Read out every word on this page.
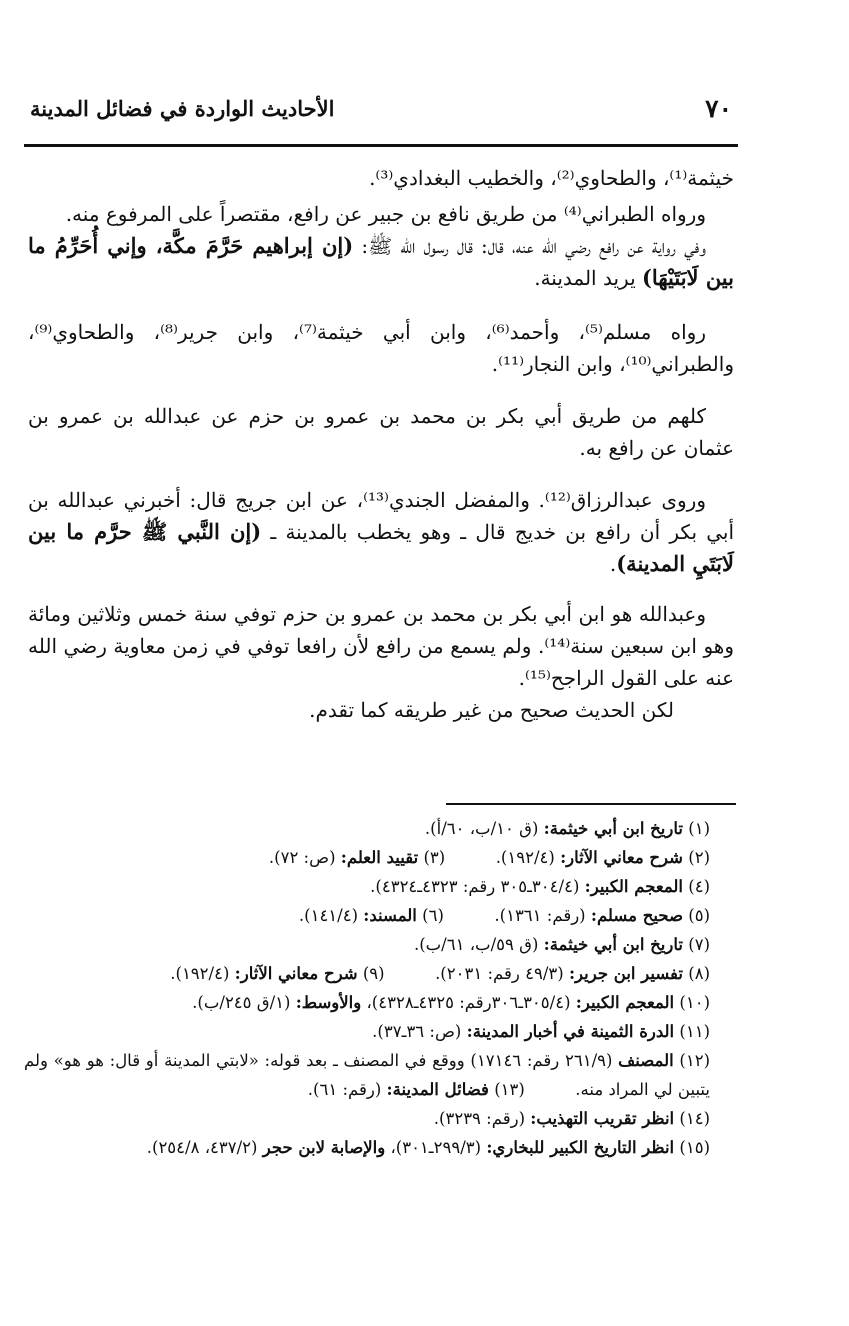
٧٠
الأحاديث الواردة في فضائل المدينة

خيثمة⁽¹⁾، والطحاوي⁽²⁾، والخطيب البغدادي⁽³⁾.

ورواه الطبراني⁽⁴⁾ من طريق نافع بن جبير عن رافع، مقتصراً على المرفوع منه.

وفي رواية عن رافع رضي الله عنه، قال: قال رسول الله ﷺ: (إن إبراهيم حَرَّمَ مكَّة، وإني أُحَرِّمُ ما بين لَابَتَيْهَا) يريد المدينة.

رواه مسلم⁽⁵⁾، وأحمد⁽⁶⁾، وابن أبي خيثمة⁽⁷⁾، وابن جرير⁽⁸⁾، والطحاوي⁽⁹⁾، والطبراني⁽¹⁰⁾، وابن النجار⁽¹¹⁾.

كلهم من طريق أبي بكر بن محمد بن عمرو بن حزم عن عبدالله بن عمرو بن عثمان عن رافع به.

وروى عبدالرزاق⁽¹²⁾. والمفضل الجندي⁽¹³⁾، عن ابن جريج قال: أخبرني عبدالله بن أبي بكر أن رافع بن خديج قال ـ وهو يخطب بالمدينة ـ (إن النَّبي ﷺ حرَّم ما بين لَابَتَيِ المدينة).

وعبدالله هو ابن أبي بكر بن محمد بن عمرو بن حزم توفي سنة خمس وثلاثين ومائة وهو ابن سبعين سنة⁽¹⁴⁾. ولم يسمع من رافع لأن رافعا توفي في زمن معاوية رضي الله عنه على القول الراجح⁽¹⁵⁾.

لكن الحديث صحيح من غير طريقه كما تقدم.

(١) تاريخ ابن أبي خيثمة: (ق ١٠/ب، ٦٠/أ).

(٢) شرح معاني الآثار: (١٩٢/٤).  (٣) تقييد العلم: (ص: ٧٢).

(٤) المعجم الكبير: (٣٠٤/٤ـ٣٠٥ رقم: ٤٣٢٣ـ٤٣٢٤).

(٥) صحيح مسلم: (رقم: ١٣٦١).  (٦) المسند: (١٤١/٤).

(٧) تاريخ ابن أبي خيثمة: (ق ٥٩/ب، ٦١/ب).

(٨) تفسير ابن جرير: (٤٩/٣ رقم: ٢٠٣١).  (٩) شرح معاني الآثار: (١٩٢/٤).

(١٠) المعجم الكبير: (٣٠٥/٤ـ٣٠٦رقم: ٤٣٢٥ـ٤٣٢٨)، والأوسط: (١/ق ٢٤٥/ب).

(١١) الدرة الثمينة في أخبار المدينة: (ص: ٣٦ـ٣٧).

(١٢) المصنف (٢٦١/٩ رقم: ١٧١٤٦) ووقع في المصنف ـ بعد قوله: «لابتي المدينة أو قال: هو هو» ولم يتبين لي المراد منه.  (١٣) فضائل المدينة: (رقم: ٦١).

(١٤) انظر تقريب التهذيب: (رقم: ٣٢٣٩).

(١٥) انظر التاريخ الكبير للبخاري: (٢٩٩/٣ـ٣٠١)، والإصابة لابن حجر (٤٣٧/٢، ٢٥٤/٨).
